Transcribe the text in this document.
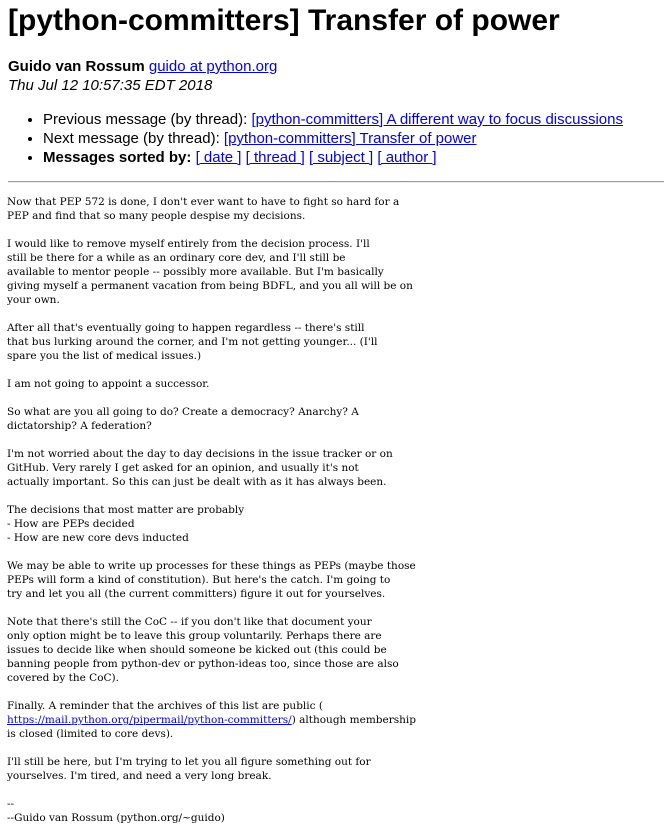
[python-committers] Transfer of power
Guido van Rossum guido at python.org
Thu Jul 12 10:57:35 EDT 2018
• Previous message (by thread): [python-committers] A different way to focus discussions
• Next message (by thread): [python-committers] Transfer of power
• Messages sorted by: [ date ] [ thread ] [ subject ] [ author ]
Now that PEP 572 is done, I don't ever want to have to fight so hard for a
PEP and find that so many people despise my decisions.

I would like to remove myself entirely from the decision process. I'll
still be there for a while as an ordinary core dev, and I'll still be
available to mentor people -- possibly more available. But I'm basically
giving myself a permanent vacation from being BDFL, and you all will be on
your own.

After all that's eventually going to happen regardless -- there's still
that bus lurking around the corner, and I'm not getting younger... (I'll
spare you the list of medical issues.)

I am not going to appoint a successor.

So what are you all going to do? Create a democracy? Anarchy? A
dictatorship? A federation?

I'm not worried about the day to day decisions in the issue tracker or on
GitHub. Very rarely I get asked for an opinion, and usually it's not
actually important. So this can just be dealt with as it has always been.

The decisions that most matter are probably
- How are PEPs decided
- How are new core devs inducted

We may be able to write up processes for these things as PEPs (maybe those
PEPs will form a kind of constitution). But here's the catch. I'm going to
try and let you all (the current committers) figure it out for yourselves.

Note that there's still the CoC -- if you don't like that document your
only option might be to leave this group voluntarily. Perhaps there are
issues to decide like when should someone be kicked out (this could be
banning people from python-dev or python-ideas too, since those are also
covered by the CoC).

Finally. A reminder that the archives of this list are public (
https://mail.python.org/pipermail/python-committers/) although membership
is closed (limited to core devs).

I'll still be here, but I'm trying to let you all figure something out for
yourselves. I'm tired, and need a very long break.

--
--Guido van Rossum (python.org/~guido)
